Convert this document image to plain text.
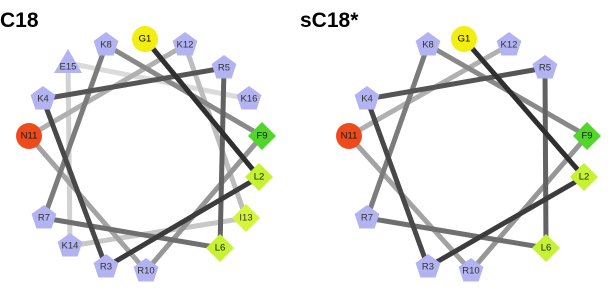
C18
G1
K12
R5
K16
F9
L2
I13
L6
R10
R3
K14
R7
N11
K4
E15
K8
sC18*
G1
K12
R5
F9
L2
L6
R10
R3
R7
N11
K4
K8
